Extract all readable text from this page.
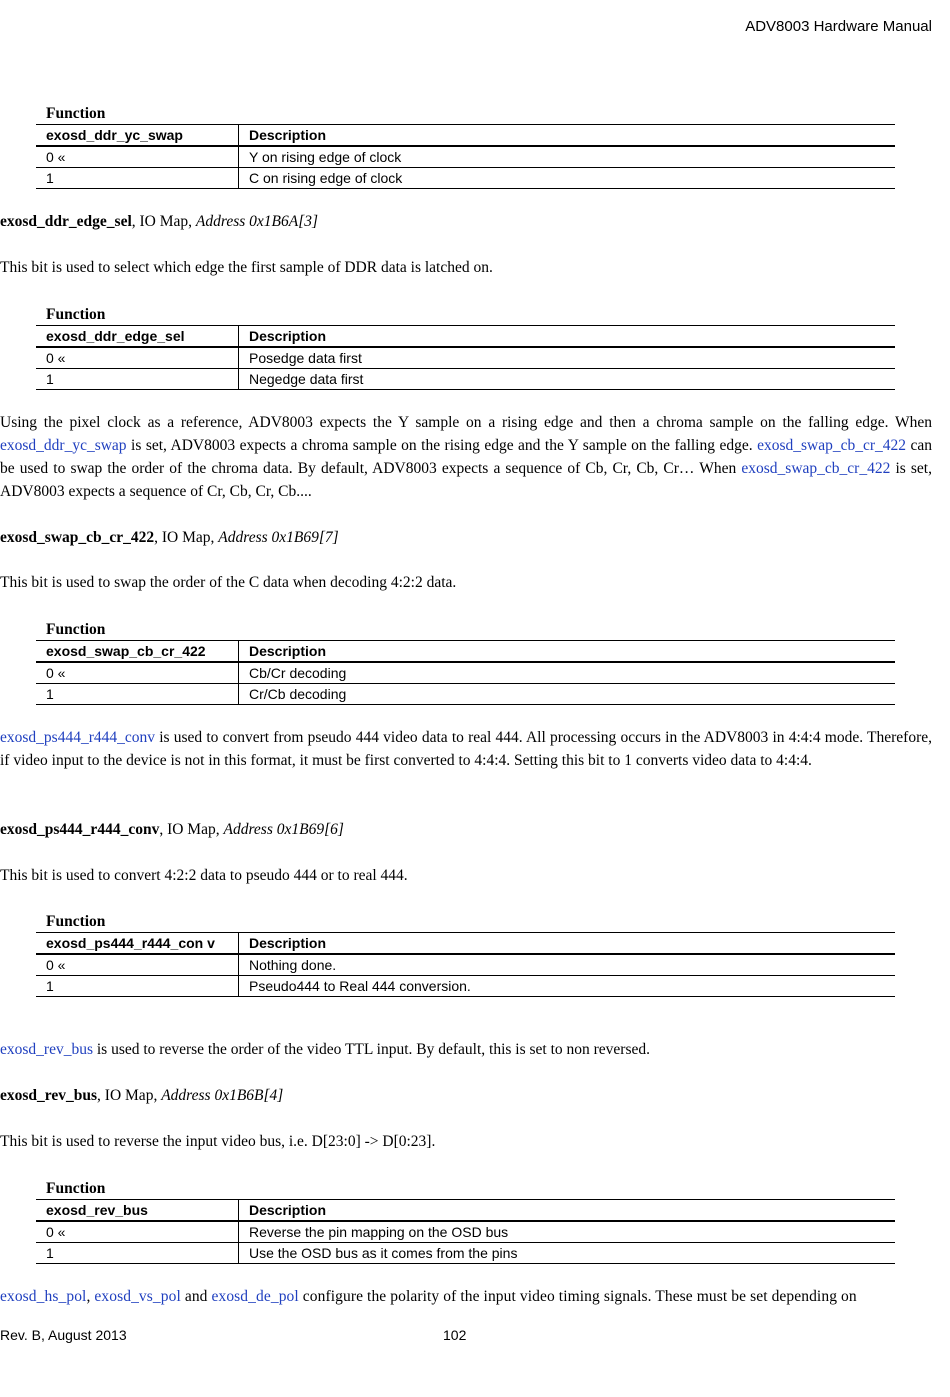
ADV8003 Hardware Manual
Function
exosd_ddr_yc_swap	Description
0 «	Y on rising edge of clock
1	C on rising edge of clock

exosd_ddr_edge_sel, IO Map, Address 0x1B6A[3]

This bit is used to select which edge the first sample of DDR data is latched on.

Function
exosd_ddr_edge_sel	Description
0 «	Posedge data first
1	Negedge data first

Using the pixel clock as a reference, ADV8003 expects the Y sample on a rising edge and then a chroma sample on the falling edge. When exosd_ddr_yc_swap is set, ADV8003 expects a chroma sample on the rising edge and the Y sample on the falling edge. exosd_swap_cb_cr_422 can be used to swap the order of the chroma data. By default, ADV8003 expects a sequence of Cb, Cr, Cb, Cr… When exosd_swap_cb_cr_422 is set, ADV8003 expects a sequence of Cr, Cb, Cr, Cb....

exosd_swap_cb_cr_422, IO Map, Address 0x1B69[7]

This bit is used to swap the order of the C data when decoding 4:2:2 data.

Function
exosd_swap_cb_cr_422	Description
0 «	Cb/Cr decoding
1	Cr/Cb decoding

exosd_ps444_r444_conv is used to convert from pseudo 444 video data to real 444. All processing occurs in the ADV8003 in 4:4:4 mode. Therefore, if video input to the device is not in this format, it must be first converted to 4:4:4. Setting this bit to 1 converts video data to 4:4:4.

exosd_ps444_r444_conv, IO Map, Address 0x1B69[6]

This bit is used to convert 4:2:2 data to pseudo 444 or to real 444.

Function
exosd_ps444_r444_con v	Description
0 «	Nothing done.
1	Pseudo444 to Real 444 conversion.

exosd_rev_bus is used to reverse the order of the video TTL input. By default, this is set to non reversed.

exosd_rev_bus, IO Map, Address 0x1B6B[4]

This bit is used to reverse the input video bus, i.e. D[23:0] -> D[0:23].

Function
exosd_rev_bus	Description
0 «	Reverse the pin mapping on the OSD bus
1	Use the OSD bus as it comes from the pins

exosd_hs_pol, exosd_vs_pol and exosd_de_pol configure the polarity of the input video timing signals. These must be set depending on

Rev. B, August 2013	102
